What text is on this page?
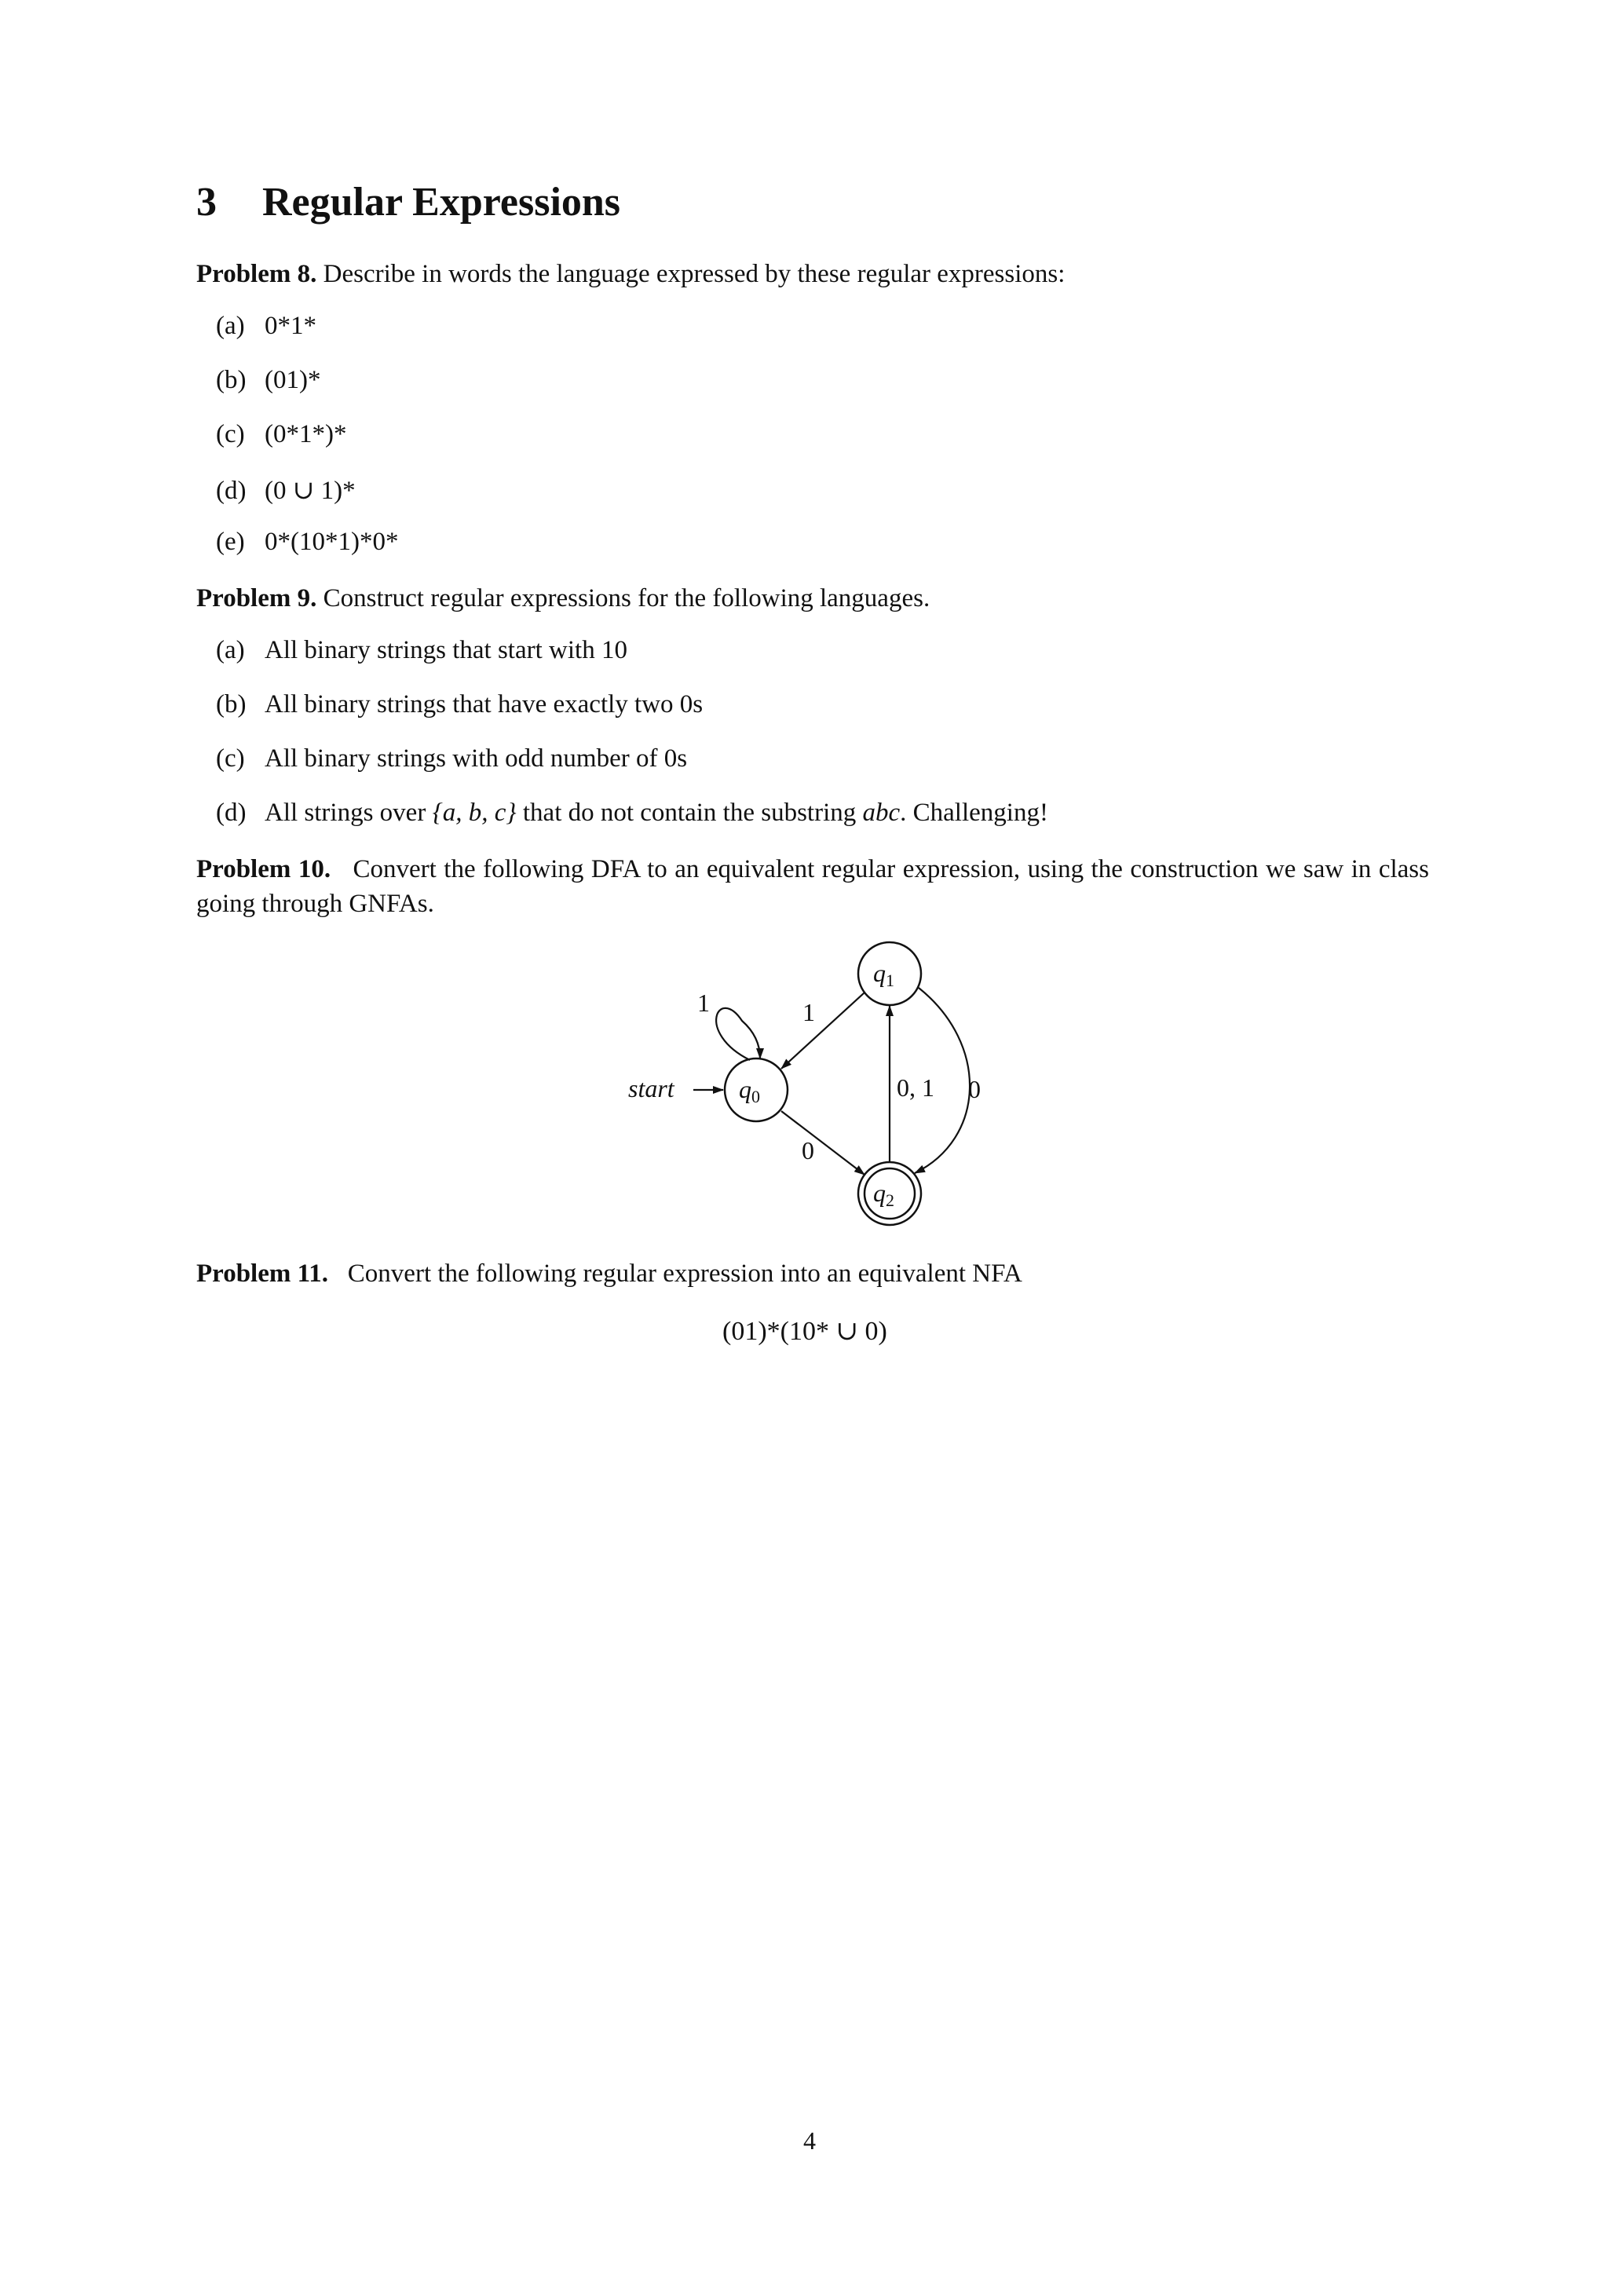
3 Regular Expressions
Problem 8. Describe in words the language expressed by these regular expressions:
(a) 0*1*
(b) (01)*
(c) (0*1*)*
(d) (0 ∪ 1)*
(e) 0*(10*1)*0*
Problem 9. Construct regular expressions for the following languages.
(a) All binary strings that start with 10
(b) All binary strings that have exactly two 0s
(c) All binary strings with odd number of 0s
(d) All strings over {a, b, c} that do not contain the substring abc. Challenging!
Problem 10. Convert the following DFA to an equivalent regular expression, using the construction we saw in class going through GNFAs.
q0
q1
q2
start
1	1
0
0, 1 0
Problem 11. Convert the following regular expression into an equivalent NFA
(01)*(10* ∪ 0)
4
